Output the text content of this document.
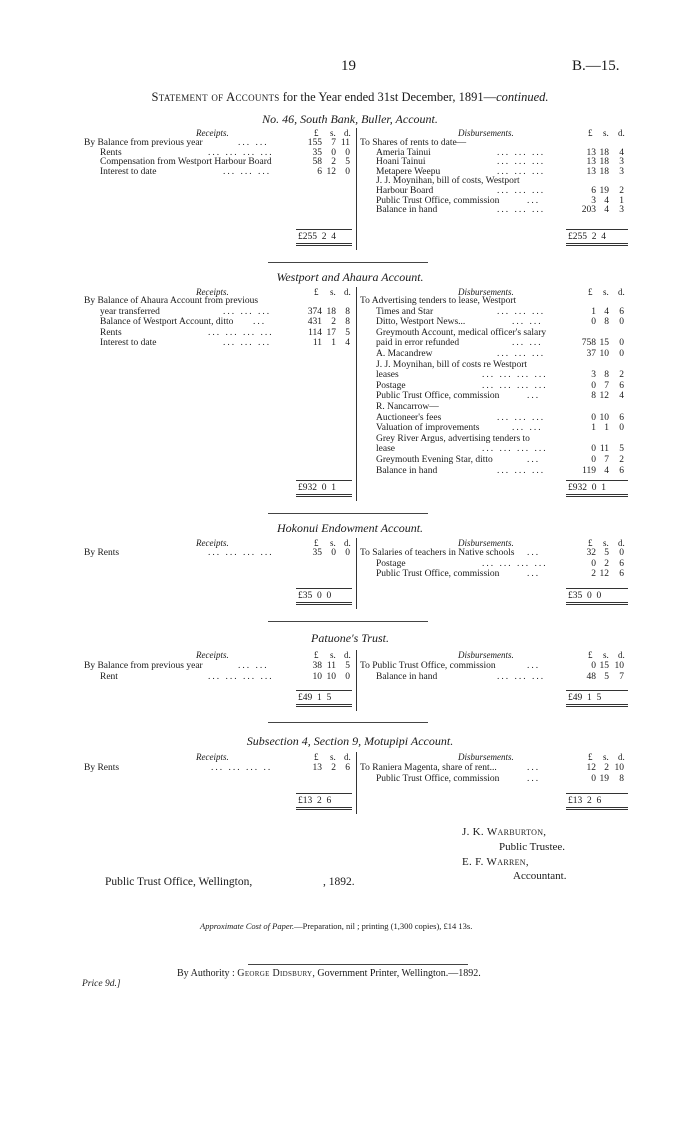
19	B.—15.
Statement of Accounts for the Year ended 31st December, 1891—continued.
No. 46, South Bank, Buller, Account.
Receipts.	Disbursements.
£ s. d.	£ s. d.
By Balance from previous year	... ...	155 7 11
Rents	... ... ... ...	35 0 0
Compensation from Westport Harbour Board	58 2 5
Interest to date	... ... ...	6 12 0
To Shares of rents to date—
Ameria Tainui	... ... ...	13 18	4
Hoani Tainui	... ... ...	13 18	3
Metapere Weepu	... ... ...	13 18	3
J. J. Moynihan, bill of costs, Westport
Harbour Board	... ... ...	6 19	2
Public Trust Office, commission	...	3 4	1
Balance in hand	... ... ...	203 4	3
£255  2  4	£255  2  4
Westport and Ahaura Account.
Receipts.	Disbursements.
£ s. d.	£ s. d.
By Balance of Ahaura Account from previous
year transferred	... ... ...	374 18 8
Balance of Westport Account, ditto ...	431 2 8
Rents	... ... ... ...	114 17 5
Interest to date	... ... ...	11 1 4
To Advertising tenders to lease, Westport
Times and Star	... ... ...	1 4	6
Ditto, Westport News...	... ...	0 8	0
Greymouth Account, medical officer's salary
paid in error refunded	... ...	758 15	0
A. Macandrew	... ... ...	37 10	0
J. J. Moynihan, bill of costs re Westport
leases	... ... ... ...	3 8	2
Postage	... ... ... ...	0 7	6
Public Trust Office, commission	...	8 12	4
R. Nancarrow—
Auctioneer's fees	... ... ...	0 10	6
Valuation of improvements	... ...	1 1	0
Grey River Argus, advertising tenders to
lease	... ... ... ...	0 11	5
Greymouth Evening Star, ditto	...	0 7	2
Balance in hand	... ... ...	119 4	6
£932  0  1	£932  0  1
Hokonui Endowment Account.
Receipts.	Disbursements.
£ s. d.	£ s. d.
By Rents	... ... ... ...	35 0 0 To Salaries of teachers in Native schools ...	32 5	0
Postage	... ... ... ...	0 2	6
Public Trust Office, commission	...	2 12	6
£35  0  0	£35  0  0
Patuone's Trust.
Receipts.	Disbursements.
£ s. d.	£ s. d.
By Balance from previous year	... ...	38 11 5
Rent	... ... ... ...	10 10 0
To Public Trust Office, commission	...	0 15 10
Balance in hand	... ... ...	48 5	7
£49  1  5	£49  1  5
Subsection 4, Section 9, Motupipi Account.
Receipts.	Disbursements.
£ s. d.	£ s. d.
By Rents	... ... ... ..	13 2 6 To Raniera Magenta, share of rent...	...	12 2 10
Public Trust Office, commission	...	0 19	8
£13  2  6	£13  2  6
J. K. Warburton,
Public Trustee.
E. F. Warren,
Accountant.
Public Trust Office, Wellington,	, 1892.
Approximate Cost of Paper.—Preparation, nil ; printing (1,300 copies), £14 13s.
By Authority : George Didsbury, Government Printer, Wellington.—1892.
Price 9d.]
